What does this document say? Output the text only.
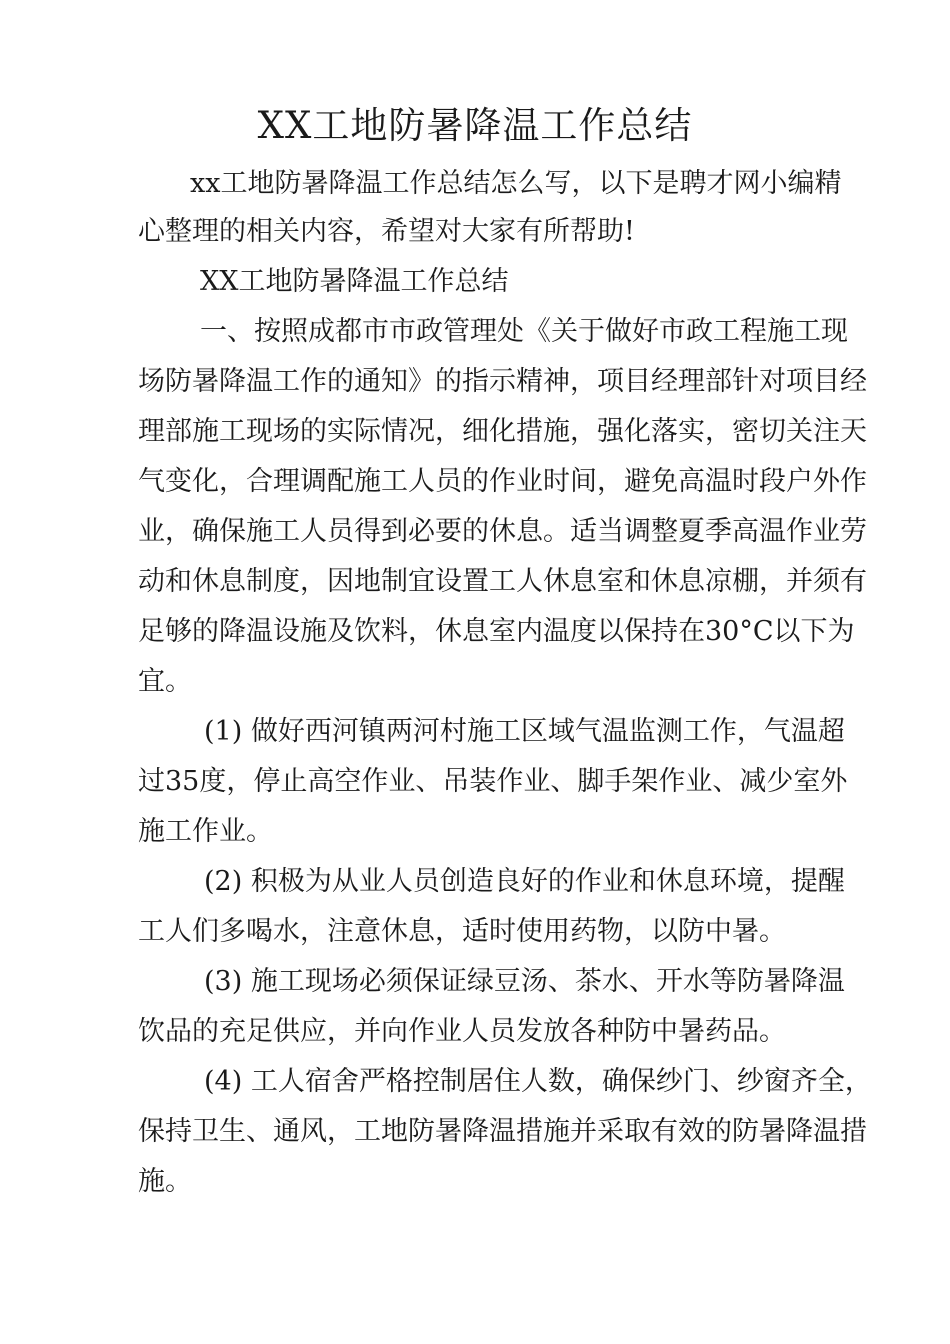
XX工地防暑降温工作总结

xx工地防暑降温工作总结怎么写，以下是聘才网小编精

心整理的相关内容，希望对大家有所帮助!

XX工地防暑降温工作总结

一、按照成都市市政管理处《关于做好市政工程施工现

场防暑降温工作的通知》的指示精神，项目经理部针对项目经

理部施工现场的实际情况，细化措施，强化落实，密切关注天

气变化，合理调配施工人员的作业时间，避免高温时段户外作

业，确保施工人员得到必要的休息。适当调整夏季高温作业劳

动和休息制度，因地制宜设置工人休息室和休息凉棚，并须有

足够的降温设施及饮料，休息室内温度以保持在30°C以下为

宜。

(1) 做好西河镇两河村施工区域气温监测工作，气温超

过35度，停止高空作业、吊装作业、脚手架作业、减少室外

施工作业。

(2) 积极为从业人员创造良好的作业和休息环境，提醒

工人们多喝水，注意休息，适时使用药物，以防中暑。

(3) 施工现场必须保证绿豆汤、茶水、开水等防暑降温

饮品的充足供应，并向作业人员发放各种防中暑药品。

(4) 工人宿舍严格控制居住人数，确保纱门、纱窗齐全，

保持卫生、通风，工地防暑降温措施并采取有效的防暑降温措

施。
